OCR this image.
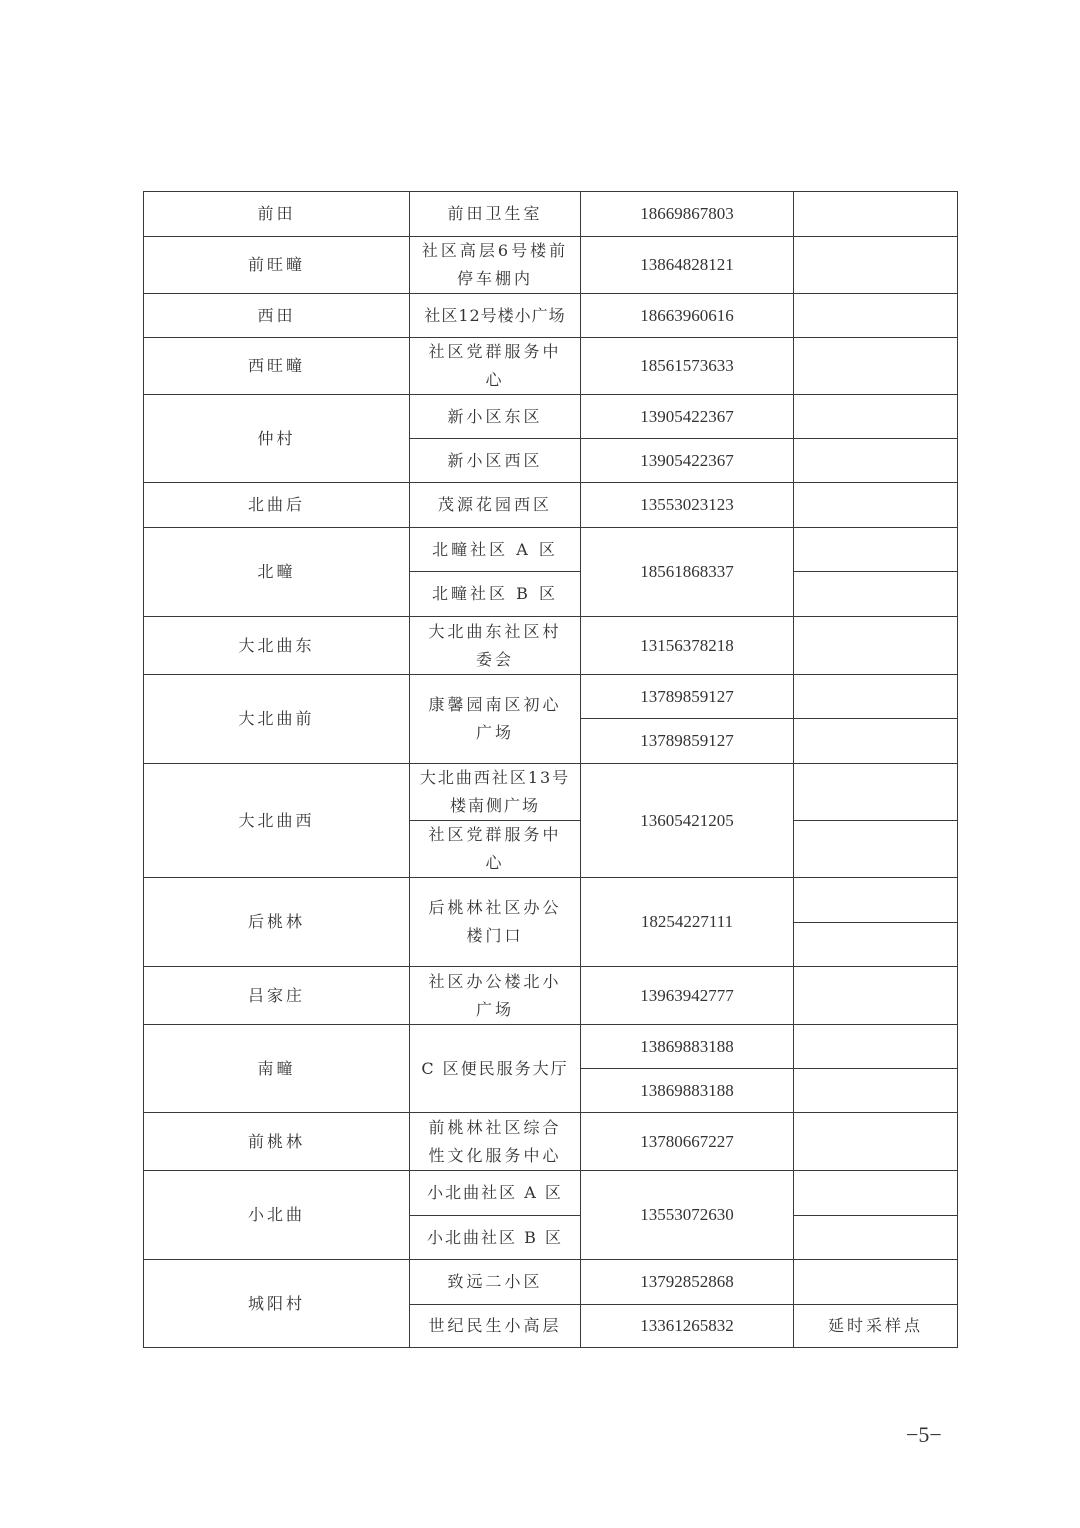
前田	前田卫生室	18669867803	
前旺疃	社区高层6号楼前停车棚内	13864828121	
西田	社区12号楼小广场	18663960616	
西旺疃	社区党群服务中心	18561573633	
仲村	新小区东区	13905422367	
	新小区西区	13905422367	
北曲后	茂源花园西区	13553023123	
北疃	北疃社区 A 区	18561868337	
	北疃社区 B 区		
大北曲东	大北曲东社区村委会	13156378218	
大北曲前	康馨园南区初心广场	13789859127	
		13789859127	
大北曲西	大北曲西社区13号楼南侧广场	13605421205	
	社区党群服务中心		
后桃林	后桃林社区办公楼门口	18254227111	

吕家庄	社区办公楼北小广场	13963942777	
南疃	C 区便民服务大厅	13869883188	
		13869883188	
前桃林	前桃林社区综合性文化服务中心	13780667227	
小北曲	小北曲社区 A 区	13553072630	
	小北曲社区 B 区		
城阳村	致远二小区	13792852868	
	世纪民生小高层	13361265832	延时采样点
−5−
